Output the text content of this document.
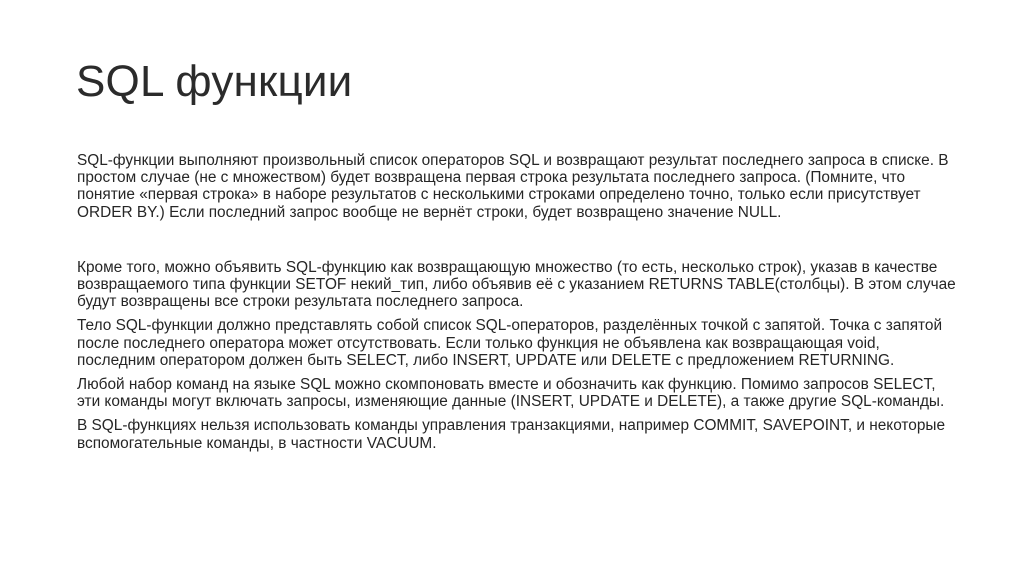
SQL функции

SQL-функции выполняют произвольный список операторов SQL и возвращают результат последнего запроса в списке. В простом случае (не с множеством) будет возвращена первая строка результата последнего запроса. (Помните, что понятие «первая строка» в наборе результатов с несколькими строками определено точно, только если присутствует ORDER BY.) Если последний запрос вообще не вернёт строки, будет возвращено значение NULL.

Кроме того, можно объявить SQL-функцию как возвращающую множество (то есть, несколько строк), указав в качестве возвращаемого типа функции SETOF некий_тип, либо объявив её с указанием RETURNS TABLE(столбцы). В этом случае будут возвращены все строки результата последнего запроса.

Тело SQL-функции должно представлять собой список SQL-операторов, разделённых точкой с запятой. Точка с запятой после последнего оператора может отсутствовать. Если только функция не объявлена как возвращающая void, последним оператором должен быть SELECT, либо INSERT, UPDATE или DELETE с предложением RETURNING.

Любой набор команд на языке SQL можно скомпоновать вместе и обозначить как функцию. Помимо запросов SELECT, эти команды могут включать запросы, изменяющие данные (INSERT, UPDATE и DELETE), а также другие SQL-команды.

В SQL-функциях нельзя использовать команды управления транзакциями, например COMMIT, SAVEPOINT, и некоторые вспомогательные команды, в частности VACUUM.
